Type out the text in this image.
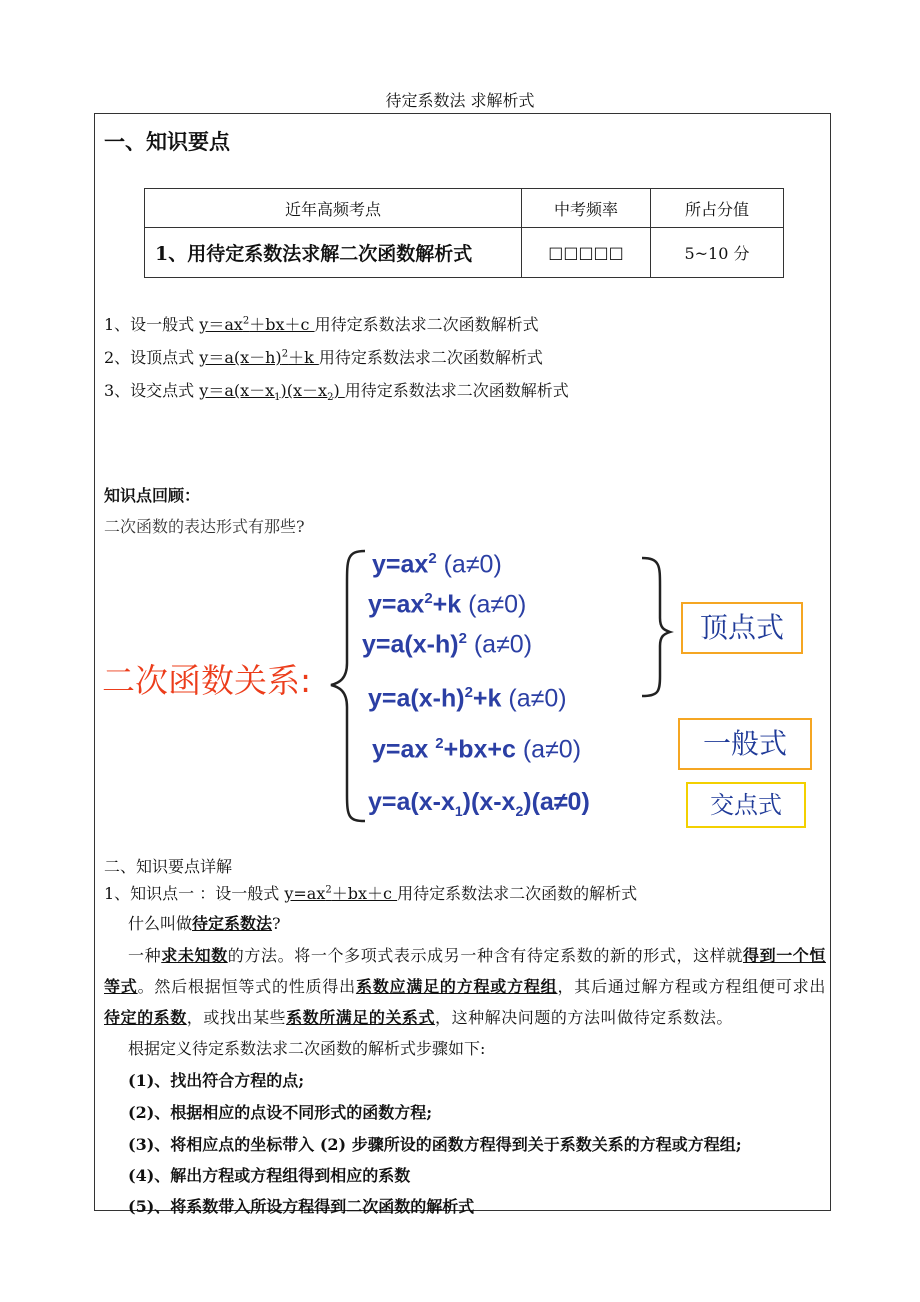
待定系数法 求解析式
一、知识要点
近年高频考点	中考频率	所占分值
1、用待定系数法求解二次函数解析式	□□□□□	5~10 分
1、设一般式 $y=ax^2+bx+c$ 用待定系数法求二次函数解析式
2、设顶点式 $y=a(x-h)^2+k$ 用待定系数法求二次函数解析式
3、设交点式 $y=a(x-x_1)(x-x_2)$ 用待定系数法求二次函数解析式
知识点回顾：
二次函数的表达形式有那些?
二次函数关系:
$y=ax^2$ (a≠0)
$y=ax^2+k$ (a≠0)
$y=a(x-h)^2$ (a≠0)
$y=a(x-h)^2+k$ (a≠0)
y=ax $^2$+bx+c (a≠0)
$y=a(x-x_1)(x-x_2)(a\ne 0)$
顶点式
一般式
交点式
二、知识要点详解
1、知识点一 ：设一般式 $y=ax^2+bx+c$ 用待定系数法求二次函数的解析式
什么叫做待定系数法?
一种求未知数的方法。将一个多项式表示成另一种含有待定系数的新的形式，这样就得到一个恒等式。然后根据恒等式的性质得出系数应满足的方程或方程组，其后通过解方程或方程组便可求出待定的系数，或找出某些系数所满足的关系式，这种解决问题的方法叫做待定系数法。
根据定义待定系数法求二次函数的解析式步骤如下:
(1)、找出符合方程的点;
(2)、根据相应的点设不同形式的函数方程;
(3)、将相应点的坐标带入 (2) 步骤所设的函数方程得到关于系数关系的方程或方程组;
(4)、解出方程或方程组得到相应的系数
(5)、将系数带入所设方程得到二次函数的解析式
